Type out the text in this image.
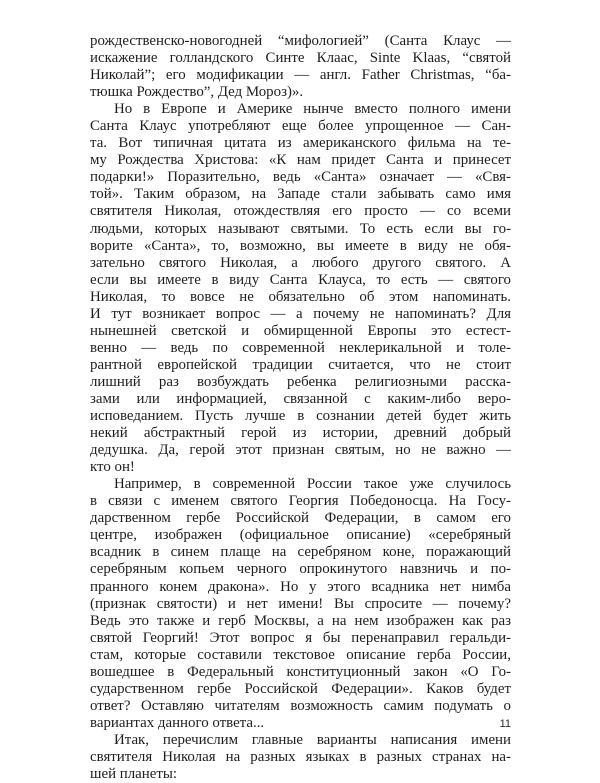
рождественско-новогодней “мифологией” (Санта Клаус —
искажение голландского Синте Клаас, Sinte Klaas, “святой
Николай”; его модификации — англ. Father Christmas, “ба-
тюшка Рождество”, Дед Мороз)».

Но в Европе и Америке нынче вместо полного имени
Санта Клаус употребляют еще более упрощенное — Сан-
та. Вот типичная цитата из американского фильма на те-
му Рождества Христова: «К нам придет Санта и принесет
подарки!» Поразительно, ведь «Санта» означает — «Свя-
той». Таким образом, на Западе стали забывать само имя
святителя Николая, отождествляя его просто — со всеми
людьми, которых называют святыми. То есть если вы го-
ворите «Санта», то, возможно, вы имеете в виду не обя-
зательно святого Николая, а любого другого святого. А
если вы имеете в виду Санта Клауса, то есть — святого
Николая, то вовсе не обязательно об этом напоминать.
И тут возникает вопрос — а почему не напоминать? Для
нынешней светской и обмирщенной Европы это естест-
венно — ведь по современной неклерикальной и толе-
рантной европейской традиции считается, что не стоит
лишний раз возбуждать ребенка религиозными расска-
зами или информацией, связанной с каким-либо веро-
исповеданием. Пусть лучше в сознании детей будет жить
некий абстрактный герой из истории, древний добрый
дедушка. Да, герой этот признан святым, но не важно —
кто он!

Например, в современной России такое уже случилось
в связи с именем святого Георгия Победоносца. На Госу-
дарственном гербе Российской Федерации, в самом его
центре, изображен (официальное описание) «серебряный
всадник в синем плаще на серебряном коне, поражающий
серебряным копьем черного опрокинутого навзничь и по-
пранного конем дракона». Но у этого всадника нет нимба
(признак святости) и нет имени! Вы спросите — почему?
Ведь это также и герб Москвы, а на нем изображен как раз
святой Георгий! Этот вопрос я бы перенаправил геральди-
стам, которые составили текстовое описание герба России,
вошедшее в Федеральный конституционный закон «О Го-
сударственном гербе Российской Федерации». Каков будет
ответ? Оставляю читателям возможность самим подумать о
вариантах данного ответа...

Итак, перечислим главные варианты написания имени
святителя Николая на разных языках в разных странах на-
шей планеты:

11
